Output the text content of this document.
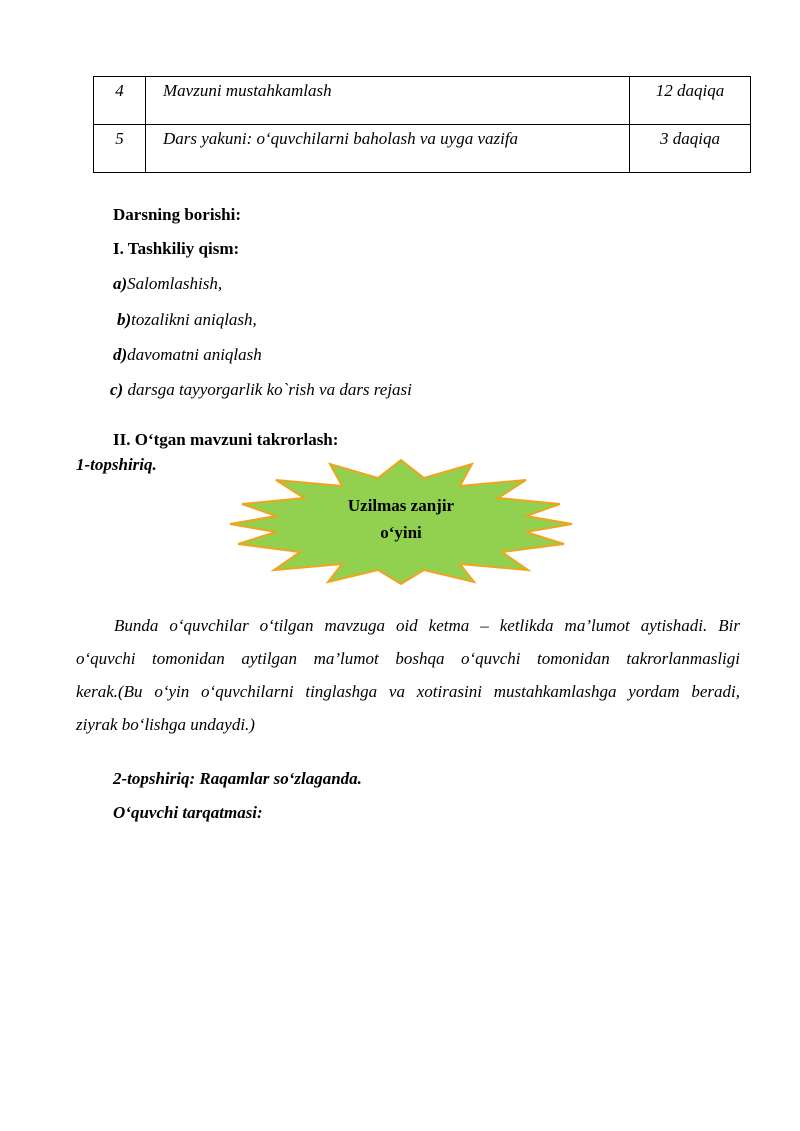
4	Mavzuni mustahkamlash	12 daqiqa
5	Dars yakuni: o‘quvchilarni baholash va uyga vazifa	3 daqiqa
Darsning borishi:
I. Tashkiliy qism:
a)Salomlashish,
b)tozalikni aniqlash,
d)davomatni aniqlash
c) darsga tayyorgarlik ko`rish va dars rejasi
II. O‘tgan mavzuni takrorlash:
1-topshiriq.
Uzilmas zanjir
o‘yini
Bunda o‘quvchilar o‘tilgan mavzuga oid ketma – ketlikda ma’lumot aytishadi. Bir
o‘quvchi tomonidan aytilgan ma’lumot boshqa o‘quvchi tomonidan takrorlanmasligi
kerak.(Bu o‘yin o‘quvchilarni tinglashga va xotirasini mustahkamlashga yordam beradi,
ziyrak bo‘lishga undaydi.)
2-topshiriq: Raqamlar so‘zlaganda.
O‘quvchi tarqatmasi:
